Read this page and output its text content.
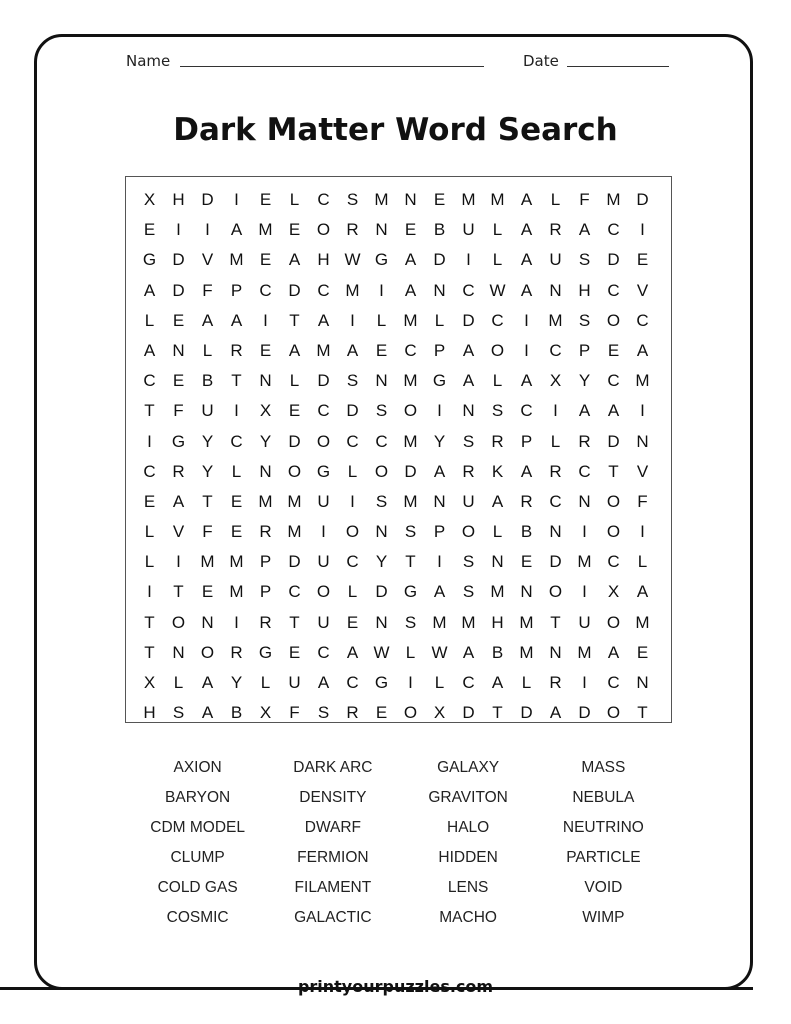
Name	Date
Dark Matter Word Search
X	H D	I	E	L	C	S M N	E M M A	L	F M D
E	I	I	A M E O R N	E	B	U	L	A	R	A	C	I
G D	V M E	A	H W G A	D	I	L	A	U	S	D	E
A	D	F	P	C D C M	I	A	N C W A	N H C	V
L	E	A	A	I	T	A	I	L	M	L	D C	I	M S O C
A	N	L	R	E	A M A	E	C	P	A O	I	C	P	E	A
C	E	B	T	N	L	D	S	N M G A	L	A	X	Y	C M
T	F	U	I	X	E	C D	S O	I	N	S	C	I	A	A	I
I	G Y	C	Y	D O C C M Y	S	R	P	L	R D N
C R	Y	L	N O G	L	O D	A	R	K	A	R C	T	V
E	A	T	E M M U	I	S M N U	A	R C N O	F
L	V	F	E	R M	I	O N	S	P O	L	B	N	I	O	I
L	I	M M P	D U C	Y	T	I	S	N	E	D M C	L
I	T	E M P	C O	L	D G A	S M N O	I	X	A
T	O N	I	R	T	U	E	N	S M M H M T	U O M
T	N O R G E	C	A W L W A	B M N M A	E
X	L	A	Y	L	U	A	C G	I	L	C	A	L	R	I	C N
H	S	A	B	X	F	S	R	E O X	D	T	D	A	D O	T
AXION	DARK ARC	GALAXY	MASS
BARYON	DENSITY	GRAVITON	NEBULA
CDM MODEL	DWARF	HALO	NEUTRINO
CLUMP	FERMION	HIDDEN	PARTICLE
COLD GAS	FILAMENT	LENS	VOID
COSMIC	GALACTIC	MACHO	WIMP
printyourpuzzles.com
